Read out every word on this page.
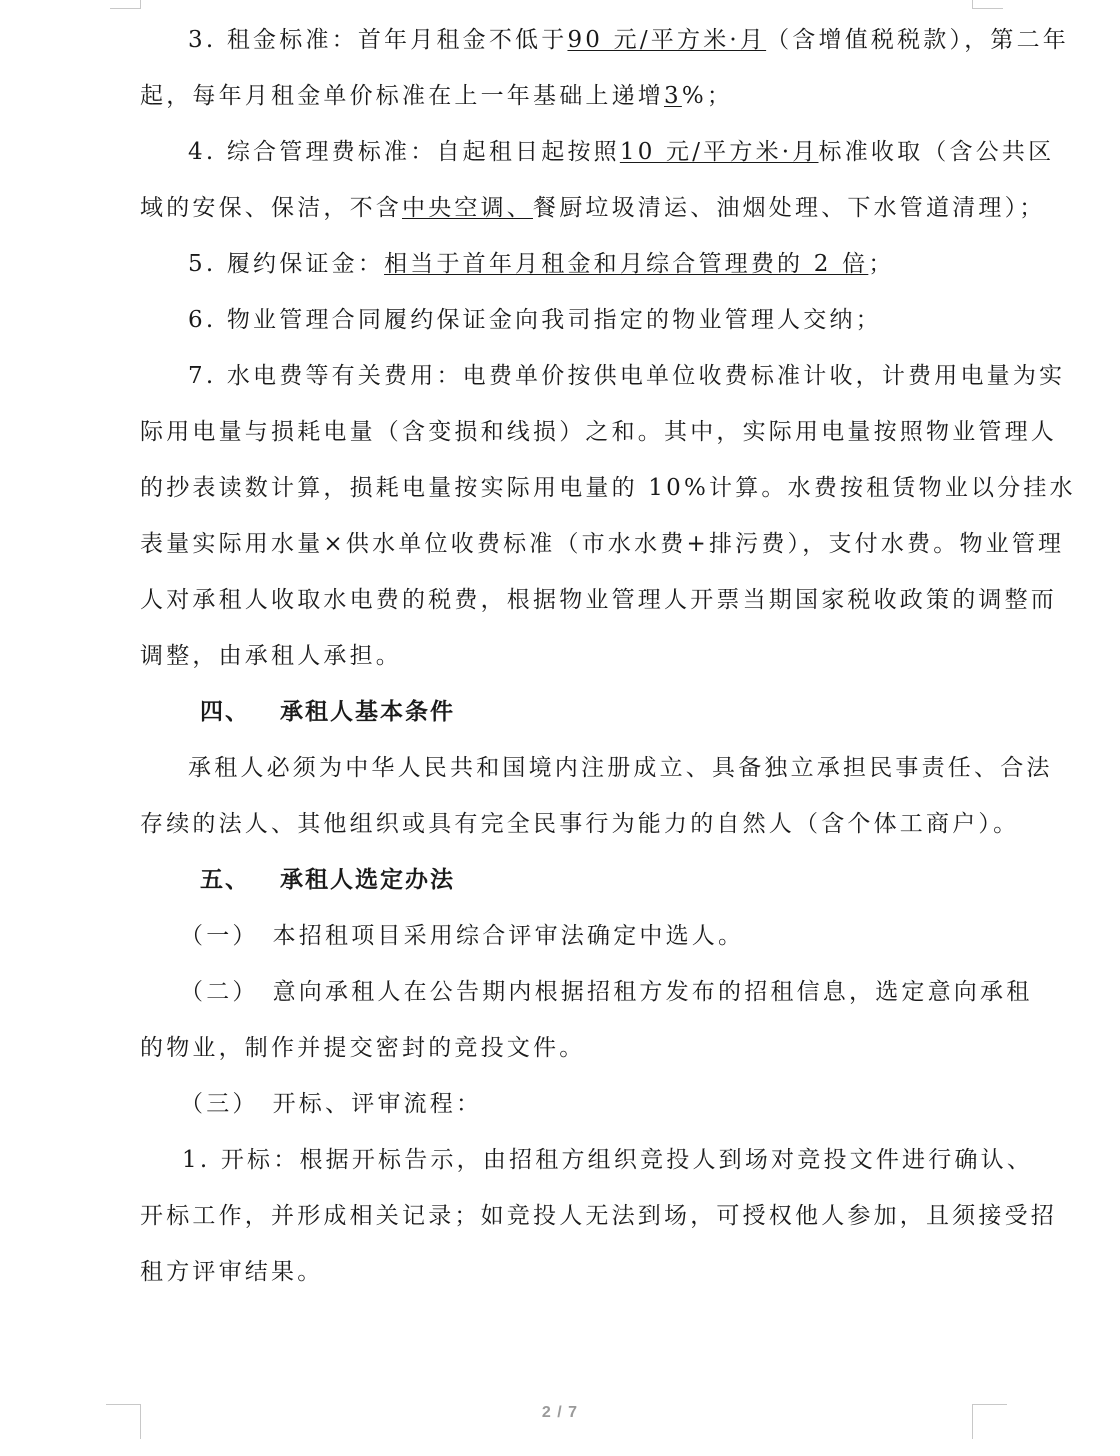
3. 租金标准：首年月租金不低于90 元/平方米·月（含增值税税款），第二年
起，每年月租金单价标准在上一年基础上递增3%；
4. 综合管理费标准：自起租日起按照10 元/平方米·月标准收取（含公共区
域的安保、保洁，不含中央空调、餐厨垃圾清运、油烟处理、下水管道清理）；
5. 履约保证金：相当于首年月租金和月综合管理费的 2 倍；
6. 物业管理合同履约保证金向我司指定的物业管理人交纳；
7. 水电费等有关费用：电费单价按供电单位收费标准计收，计费用电量为实
际用电量与损耗电量（含变损和线损）之和。其中，实际用电量按照物业管理人
的抄表读数计算，损耗电量按实际用电量的 10%计算。水费按租赁物业以分挂水
表量实际用水量×供水单位收费标准（市水水费+排污费），支付水费。物业管理
人对承租人收取水电费的税费，根据物业管理人开票当期国家税收政策的调整而
调整，由承租人承担。
四、 承租人基本条件
承租人必须为中华人民共和国境内注册成立、具备独立承担民事责任、合法
存续的法人、其他组织或具有完全民事行为能力的自然人（含个体工商户）。
五、 承租人选定办法
（一） 本招租项目采用综合评审法确定中选人。
（二） 意向承租人在公告期内根据招租方发布的招租信息，选定意向承租
的物业，制作并提交密封的竞投文件。
（三） 开标、评审流程：
1. 开标：根据开标告示，由招租方组织竞投人到场对竞投文件进行确认、
开标工作，并形成相关记录；如竞投人无法到场，可授权他人参加，且须接受招
租方评审结果。
2 / 7
